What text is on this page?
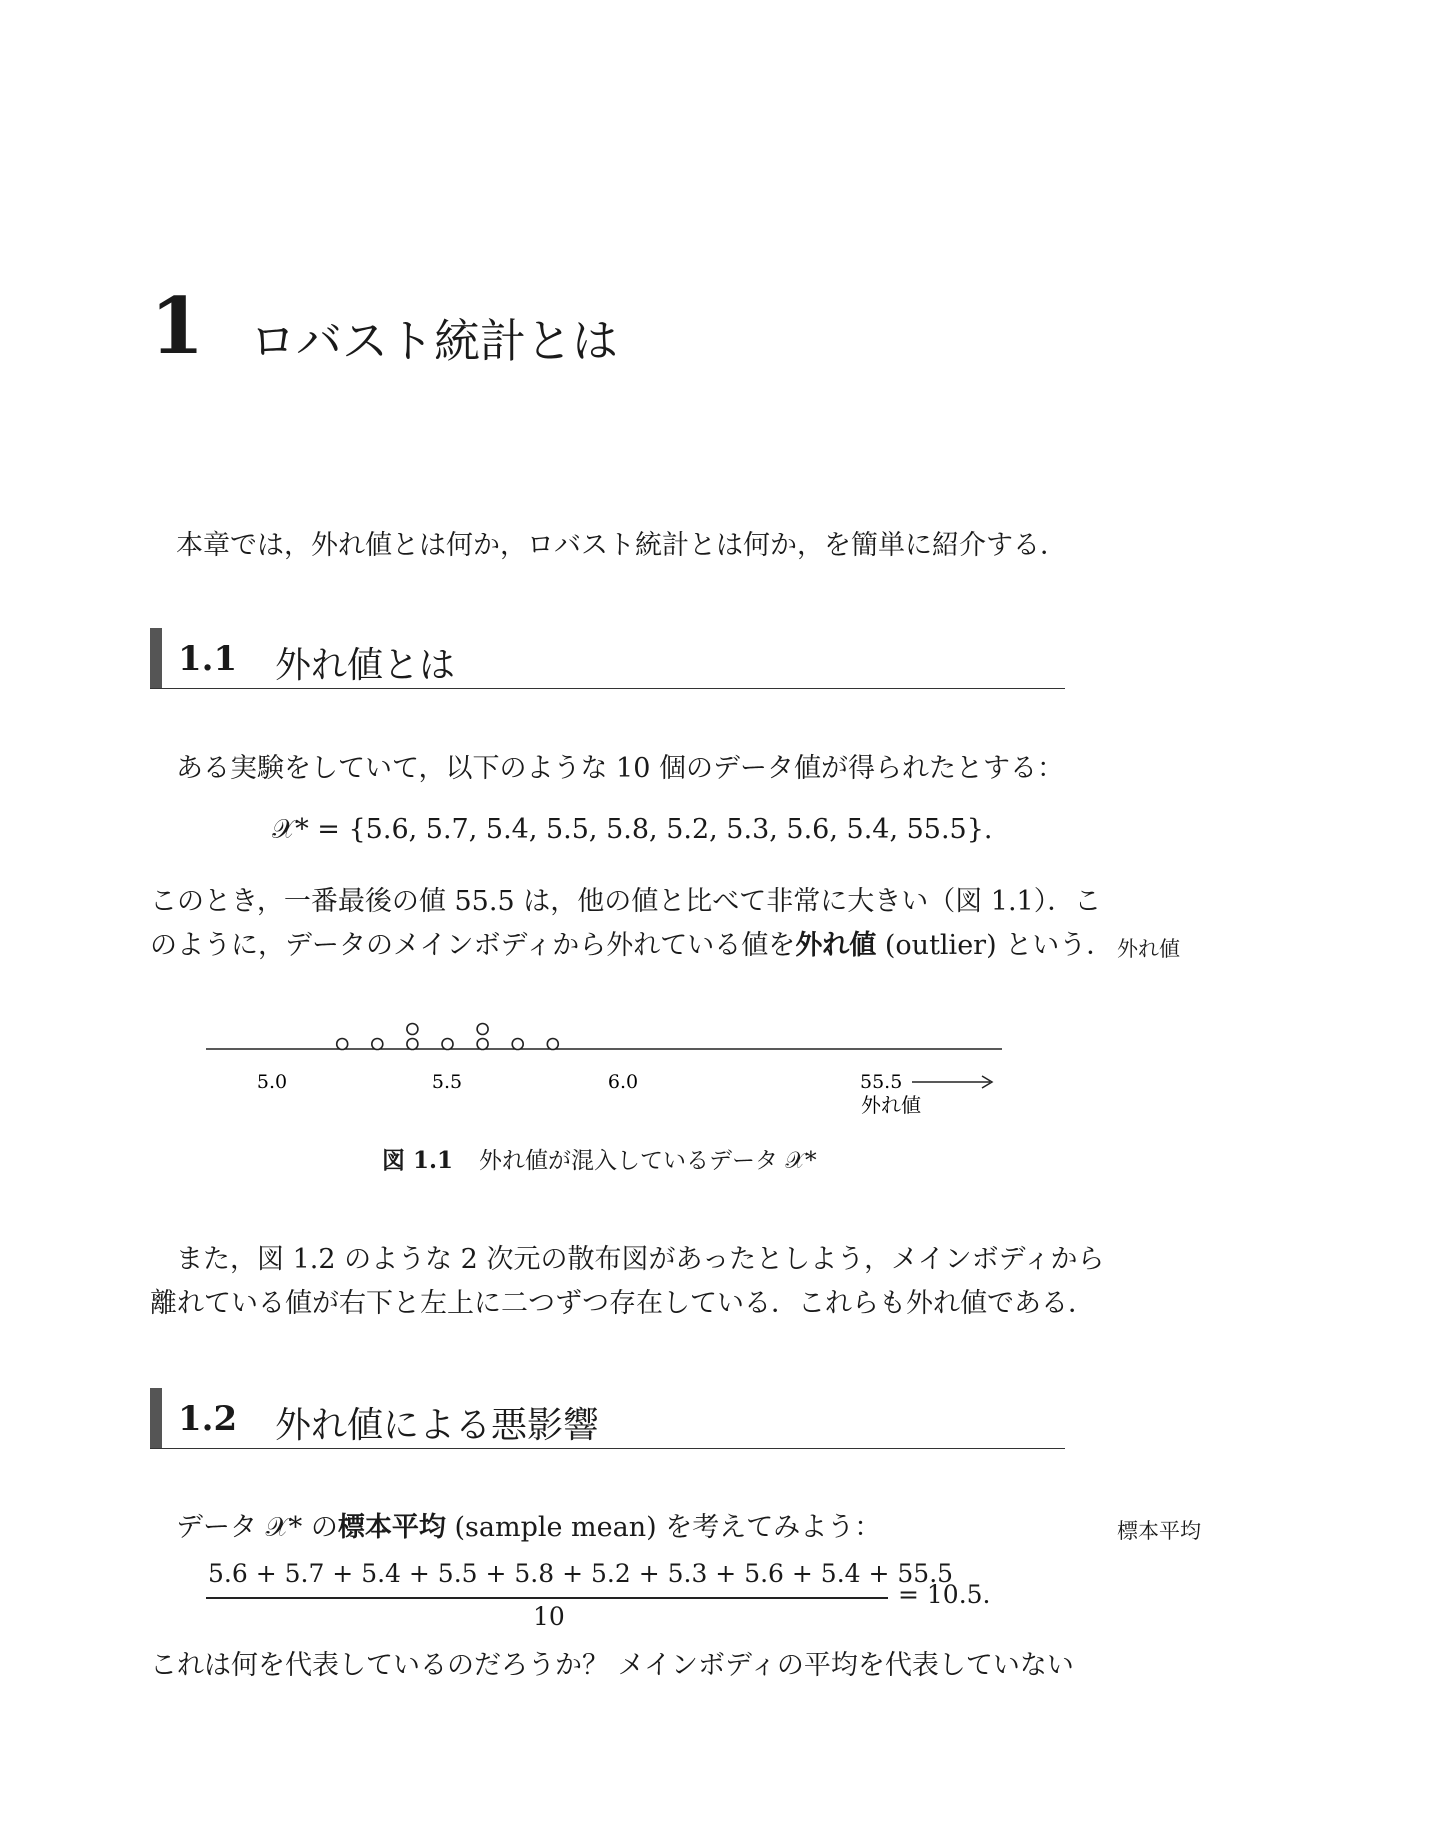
1 ロバスト統計とは
本章では，外れ値とは何か，ロバスト統計とは何か，を簡単に紹介する．
1.1 外れ値とは
ある実験をしていて，以下のような 10 個のデータ値が得られたとする：
𝒳* = {5.6, 5.7, 5.4, 5.5, 5.8, 5.2, 5.3, 5.6, 5.4, 55.5}.
このとき，一番最後の値 55.5 は，他の値と比べて非常に大きい（図 1.1）．こ
のように，データのメインボディから外れている値を外れ値 (outlier) という． 外れ値
5.0	5.5	6.0	55.5
外れ値
図 1.1 外れ値が混入しているデータ 𝒳*
また，図 1.2 のような 2 次元の散布図があったとしよう，メインボディから
離れている値が右下と左上に二つずつ存在している．これらも外れ値である．
1.2 外れ値による悪影響
データ 𝒳* の標本平均 (sample mean) を考えてみよう：	標本平均
5.6 + 5.7 + 5.4 + 5.5 + 5.8 + 5.2 + 5.3 + 5.6 + 5.4 + 55.5
10
= 10.5.
これは何を代表しているのだろうか？ メインボディの平均を代表していない
